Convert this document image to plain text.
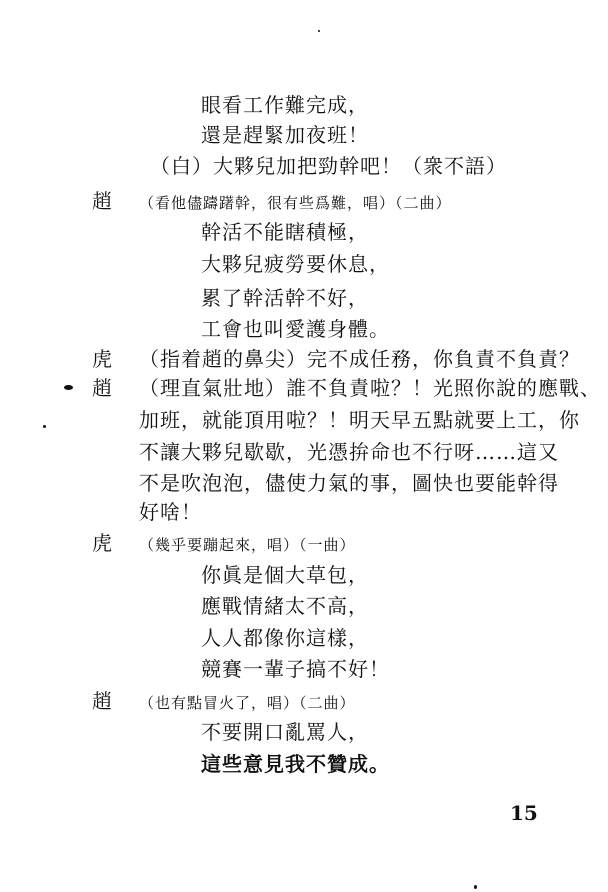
眼看工作難完成，
還是趕緊加夜班！
（白）大夥兒加把勁幹吧！（衆不語）
趙 （看他儘躊躇幹，很有些爲難，唱）（二曲）
幹活不能瞎積極，
大夥兒疲勞要休息，
累了幹活幹不好，
工會也叫愛護身體。
虎 （指着趙的鼻尖）完不成任務，你負責不負責？
趙 （理直氣壯地）誰不負責啦？！光照你說的應戰、
加班，就能頂用啦？！明天早五點就要上工，你
不讓大夥兒歇歇，光憑拚命也不行呀……這又
不是吹泡泡，儘使力氣的事，圖快也要能幹得
好啥！
虎 （幾乎要蹦起來，唱）（一曲）
你眞是個大草包，
應戰情緒太不高，
人人都像你這樣，
競賽一輩子搞不好！
趙 （也有點冒火了，唱）（二曲）
不要開口亂罵人，
這些意見我不贊成。
15
